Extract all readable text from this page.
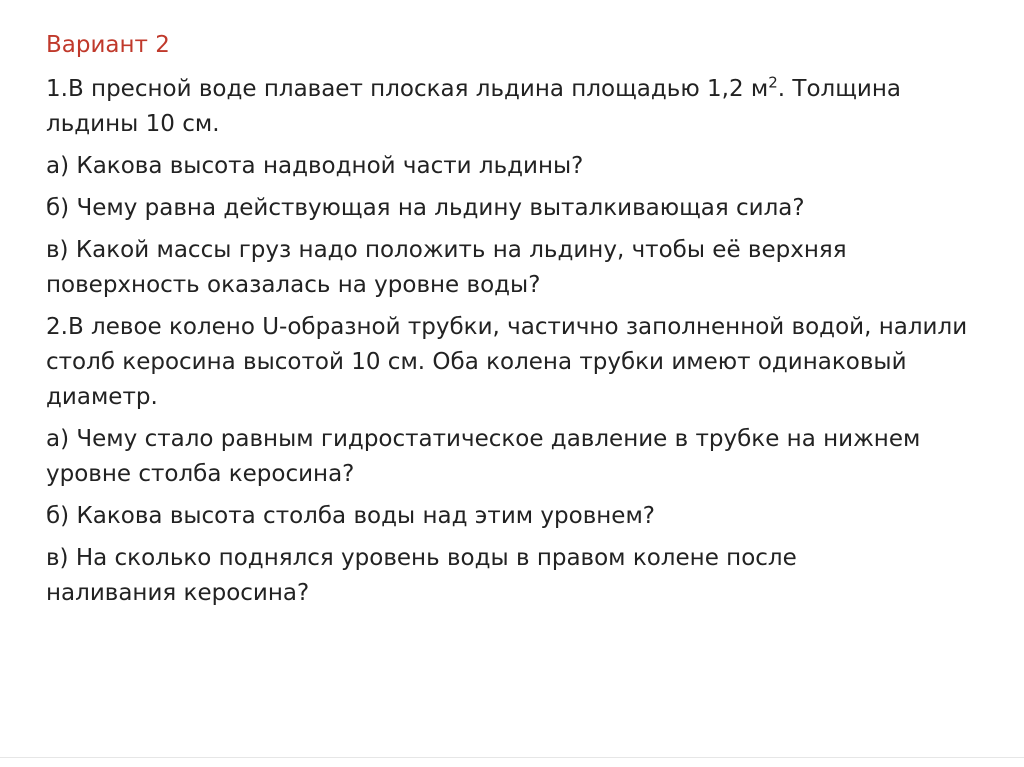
Вариант 2
1.В пресной воде плавает плоская льдина площадью 1,2 $м^2$. Толщина льдины 10 см.
а) Какова высота надводной части льдины?
б) Чему равна действующая на льдину выталкивающая сила?
в) Какой массы груз надо положить на льдину, чтобы её верхняя поверхность оказалась на уровне воды?
2.В левое колено U-образной трубки, частично заполненной водой, налили столб керосина высотой 10 см. Оба колена трубки имеют одинаковый диаметр.
а) Чему стало равным гидростатическое давление в трубке на нижнем уровне столба керосина?
б) Какова высота столба воды над этим уровнем?
в) На сколько поднялся уровень воды в правом колене после наливания керосина?
